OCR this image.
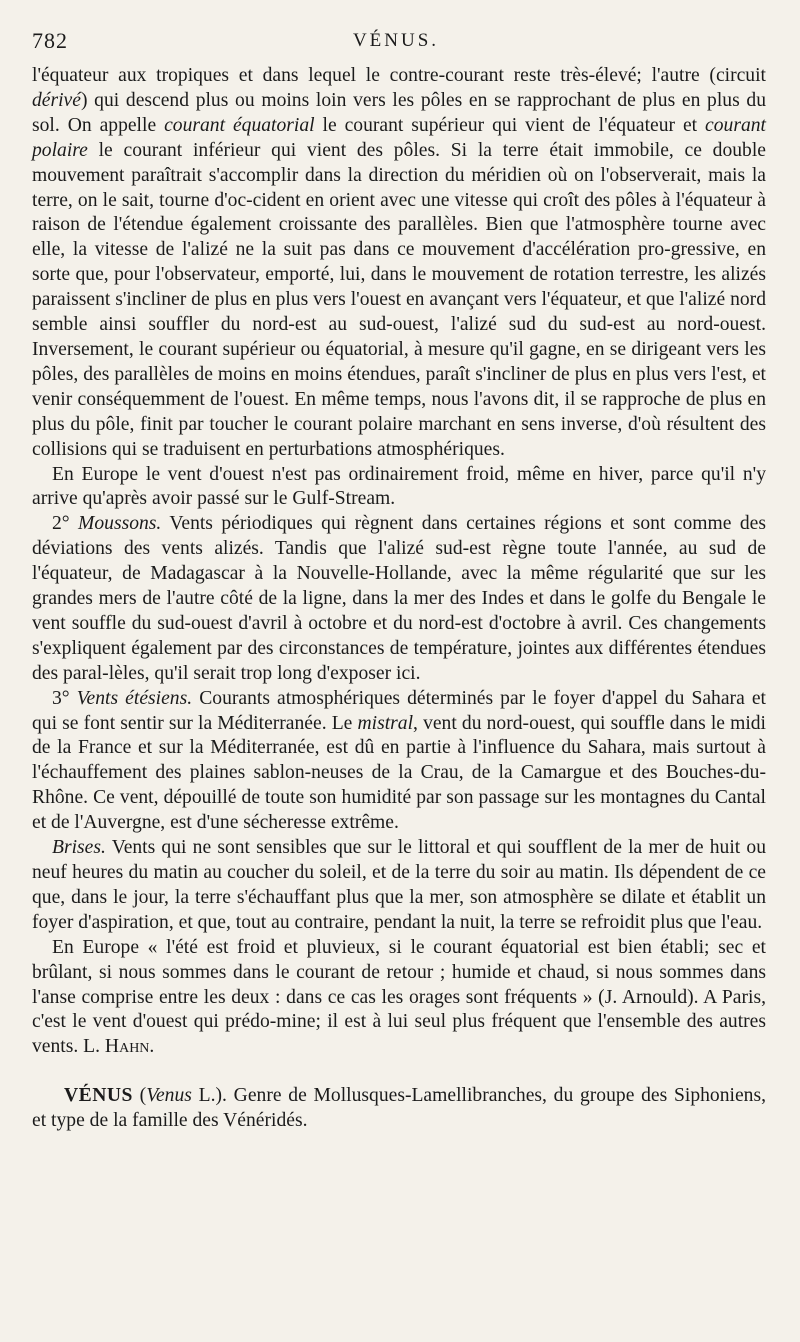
782	VÉNUS.

l'équateur aux tropiques et dans lequel le contre-courant reste très-élevé; l'autre (circuit dérivé) qui descend plus ou moins loin vers les pôles en se rapprochant de plus en plus du sol. On appelle courant équatorial le courant supérieur qui vient de l'équateur et courant polaire le courant inférieur qui vient des pôles. Si la terre était immobile, ce double mouvement paraîtrait s'accomplir dans la direction du méridien où on l'observerait, mais la terre, on le sait, tourne d'oc-cident en orient avec une vitesse qui croît des pôles à l'équateur à raison de l'étendue également croissante des parallèles. Bien que l'atmosphère tourne avec elle, la vitesse de l'alizé ne la suit pas dans ce mouvement d'accélération pro-gressive, en sorte que, pour l'observateur, emporté, lui, dans le mouvement de rotation terrestre, les alizés paraissent s'incliner de plus en plus vers l'ouest en avançant vers l'équateur, et que l'alizé nord semble ainsi souffler du nord-est au sud-ouest, l'alizé sud du sud-est au nord-ouest. Inversement, le courant supérieur ou équatorial, à mesure qu'il gagne, en se dirigeant vers les pôles, des parallèles de moins en moins étendues, paraît s'incliner de plus en plus vers l'est, et venir conséquemment de l'ouest. En même temps, nous l'avons dit, il se rapproche de plus en plus du pôle, finit par toucher le courant polaire marchant en sens inverse, d'où résultent des collisions qui se traduisent en perturbations atmosphériques.

En Europe le vent d'ouest n'est pas ordinairement froid, même en hiver, parce qu'il n'y arrive qu'après avoir passé sur le Gulf-Stream.

2° Moussons. Vents périodiques qui règnent dans certaines régions et sont comme des déviations des vents alizés. Tandis que l'alizé sud-est règne toute l'année, au sud de l'équateur, de Madagascar à la Nouvelle-Hollande, avec la même régularité que sur les grandes mers de l'autre côté de la ligne, dans la mer des Indes et dans le golfe du Bengale le vent souffle du sud-ouest d'avril à octobre et du nord-est d'octobre à avril. Ces changements s'expliquent également par des circonstances de température, jointes aux différentes étendues des paral-lèles, qu'il serait trop long d'exposer ici.

3° Vents étésiens. Courants atmosphériques déterminés par le foyer d'appel du Sahara et qui se font sentir sur la Méditerranée. Le mistral, vent du nord-ouest, qui souffle dans le midi de la France et sur la Méditerranée, est dû en partie à l'influence du Sahara, mais surtout à l'échauffement des plaines sablon-neuses de la Crau, de la Camargue et des Bouches-du-Rhône. Ce vent, dépouillé de toute son humidité par son passage sur les montagnes du Cantal et de l'Auvergne, est d'une sécheresse extrême.

Brises. Vents qui ne sont sensibles que sur le littoral et qui soufflent de la mer de huit ou neuf heures du matin au coucher du soleil, et de la terre du soir au matin. Ils dépendent de ce que, dans le jour, la terre s'échauffant plus que la mer, son atmosphère se dilate et établit un foyer d'aspiration, et que, tout au contraire, pendant la nuit, la terre se refroidit plus que l'eau.

En Europe « l'été est froid et pluvieux, si le courant équatorial est bien établi; sec et brûlant, si nous sommes dans le courant de retour ; humide et chaud, si nous sommes dans l'anse comprise entre les deux : dans ce cas les orages sont fréquents » (J. Arnould). A Paris, c'est le vent d'ouest qui prédo-mine; il est à lui seul plus fréquent que l'ensemble des autres vents. L. Hahn.

VÉNUS (Venus L.). Genre de Mollusques-Lamellibranches, du groupe des Siphoniens, et type de la famille des Vénéridés.
